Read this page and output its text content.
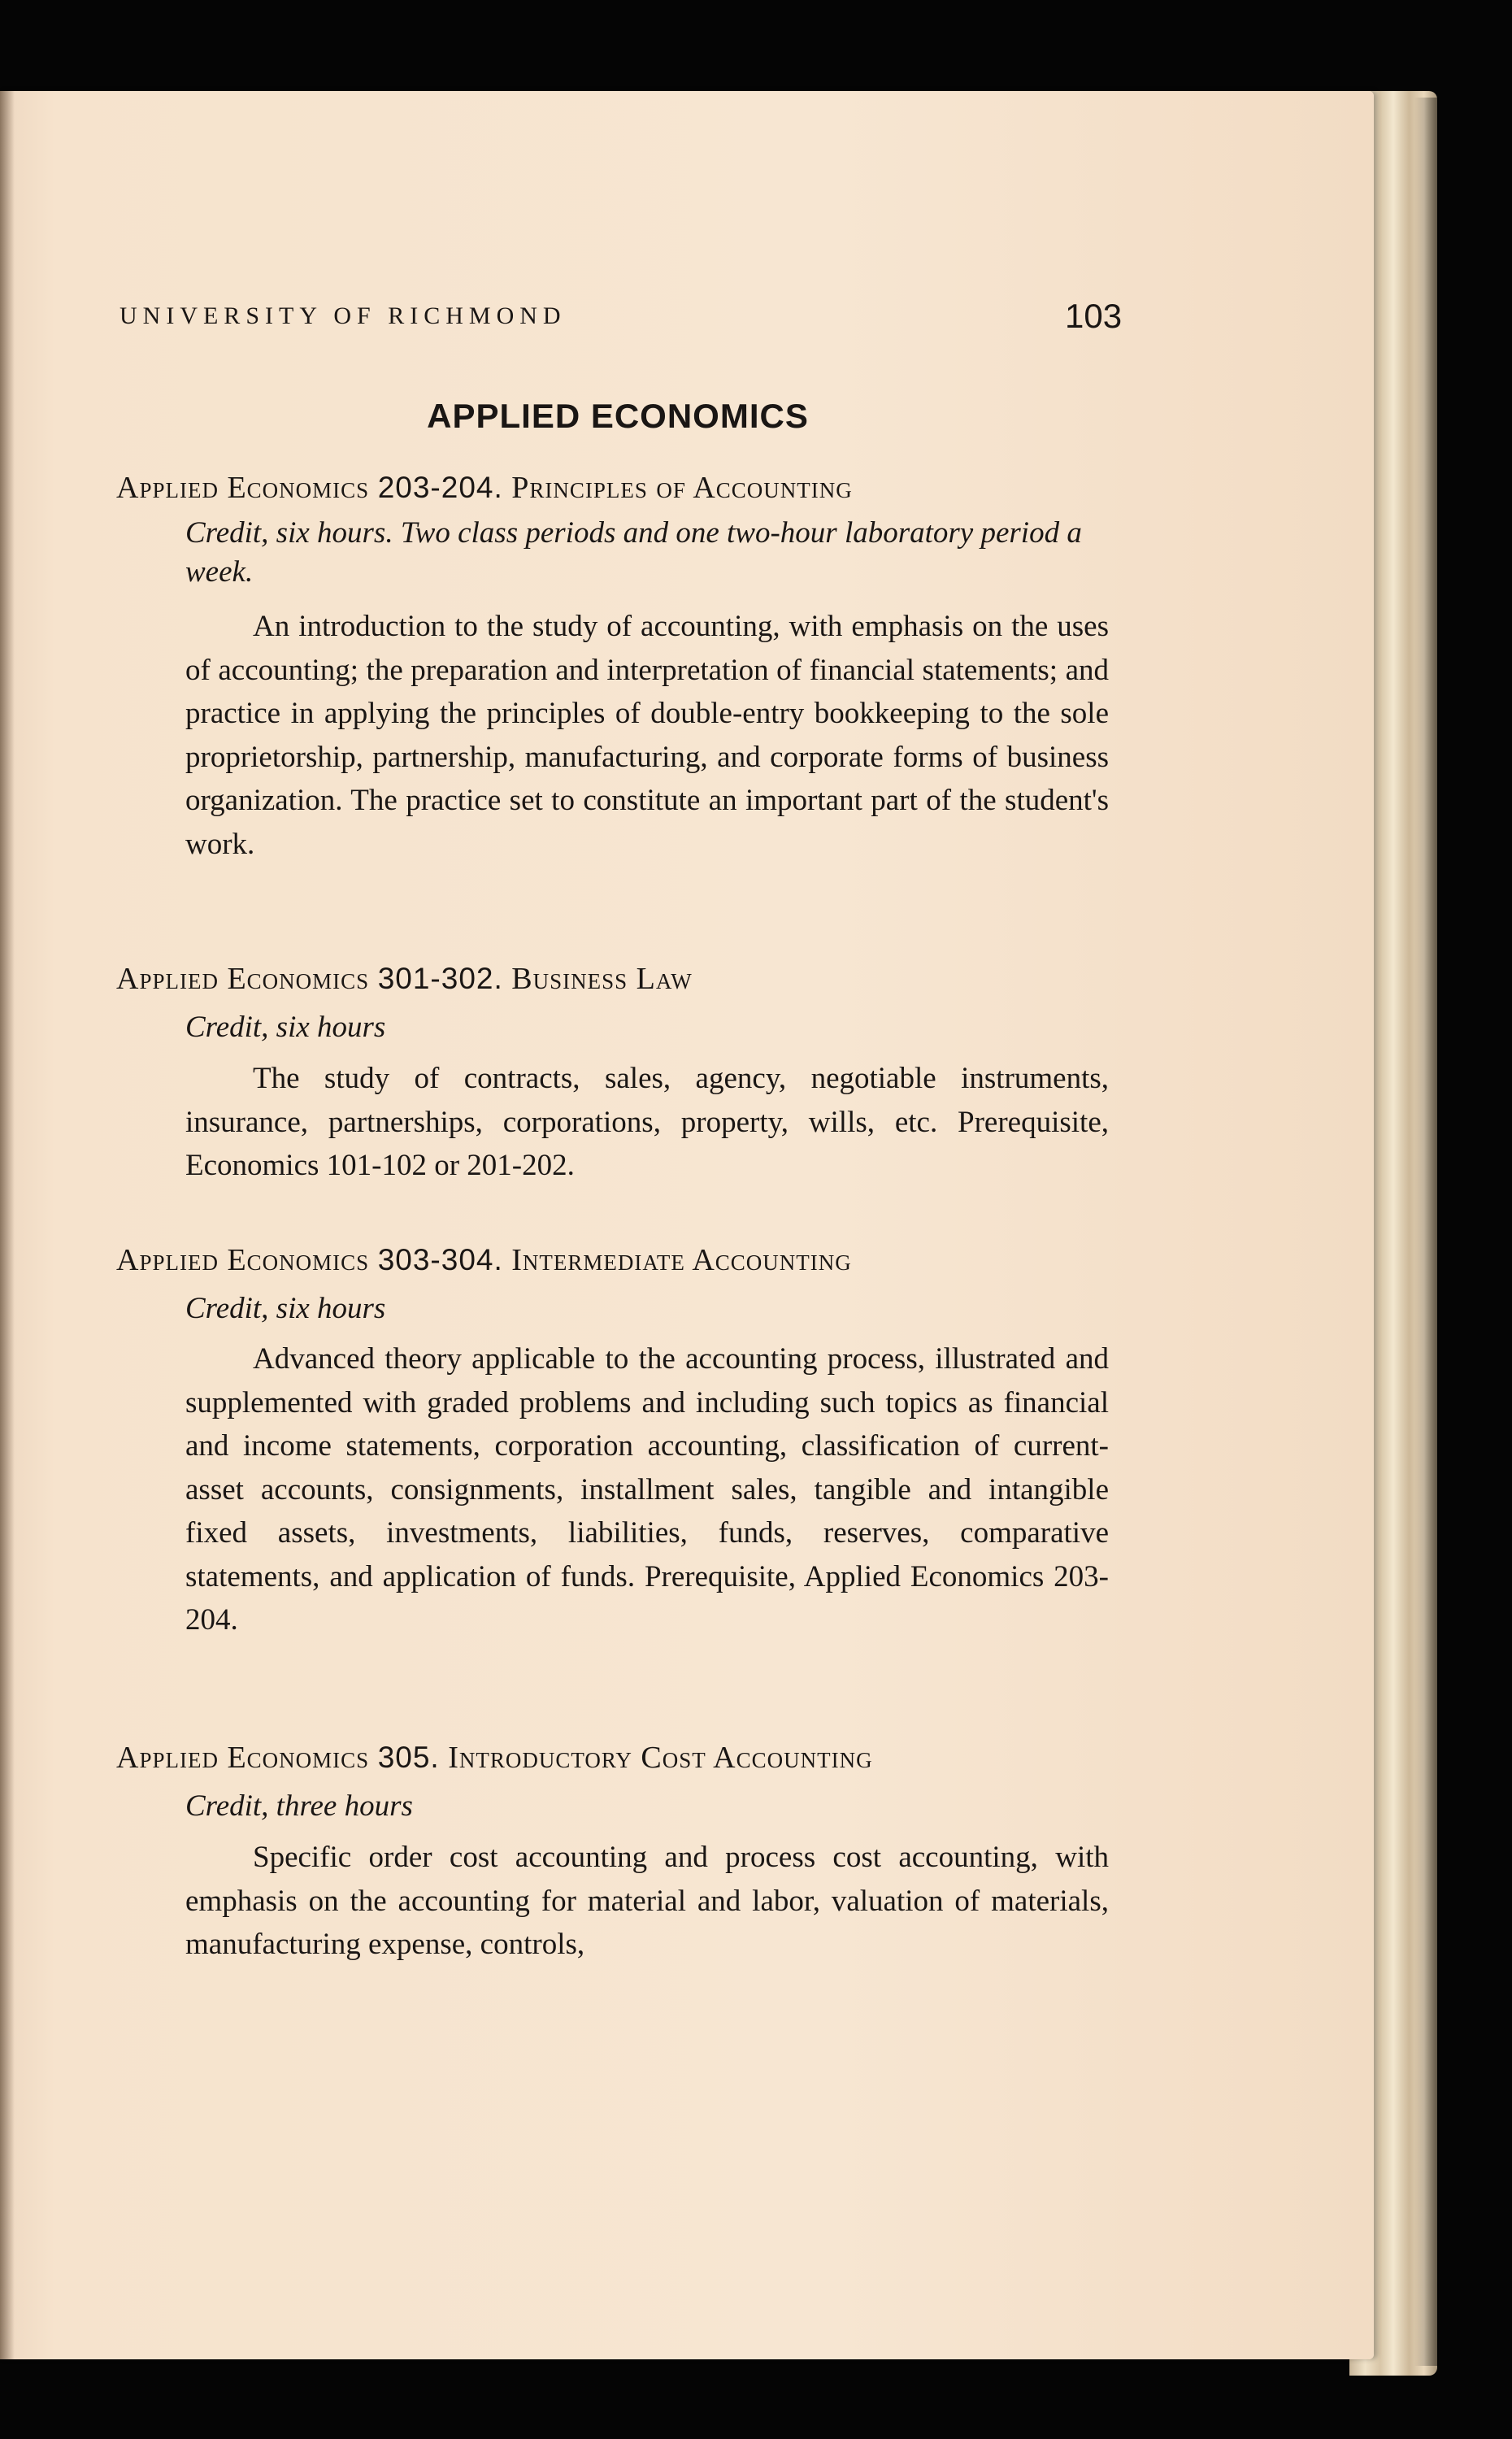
UNIVERSITY OF RICHMOND	103
APPLIED ECONOMICS
Applied Economics 203-204. Principles of Accounting
Credit, six hours. Two class periods and one two-hour laboratory period a week.
An introduction to the study of accounting, with emphasis on the uses of accounting; the preparation and interpretation of financial statements; and practice in applying the principles of double-entry bookkeeping to the sole proprietorship, partnership, manufacturing, and corporate forms of business organization. The practice set to constitute an important part of the student's work.
Applied Economics 301-302. Business Law
Credit, six hours
The study of contracts, sales, agency, negotiable instruments, insurance, partnerships, corporations, property, wills, etc. Prerequisite, Economics 101-102 or 201-202.
Applied Economics 303-304. Intermediate Accounting
Credit, six hours
Advanced theory applicable to the accounting process, illustrated and supplemented with graded problems and including such topics as financial and income statements, corporation accounting, classification of current-asset accounts, consignments, installment sales, tangible and intangible fixed assets, investments, liabilities, funds, reserves, comparative statements, and application of funds. Prerequisite, Applied Economics 203-204.
Applied Economics 305. Introductory Cost Accounting
Credit, three hours
Specific order cost accounting and process cost accounting, with emphasis on the accounting for material and labor, valuation of materials, manufacturing expense, controls,
